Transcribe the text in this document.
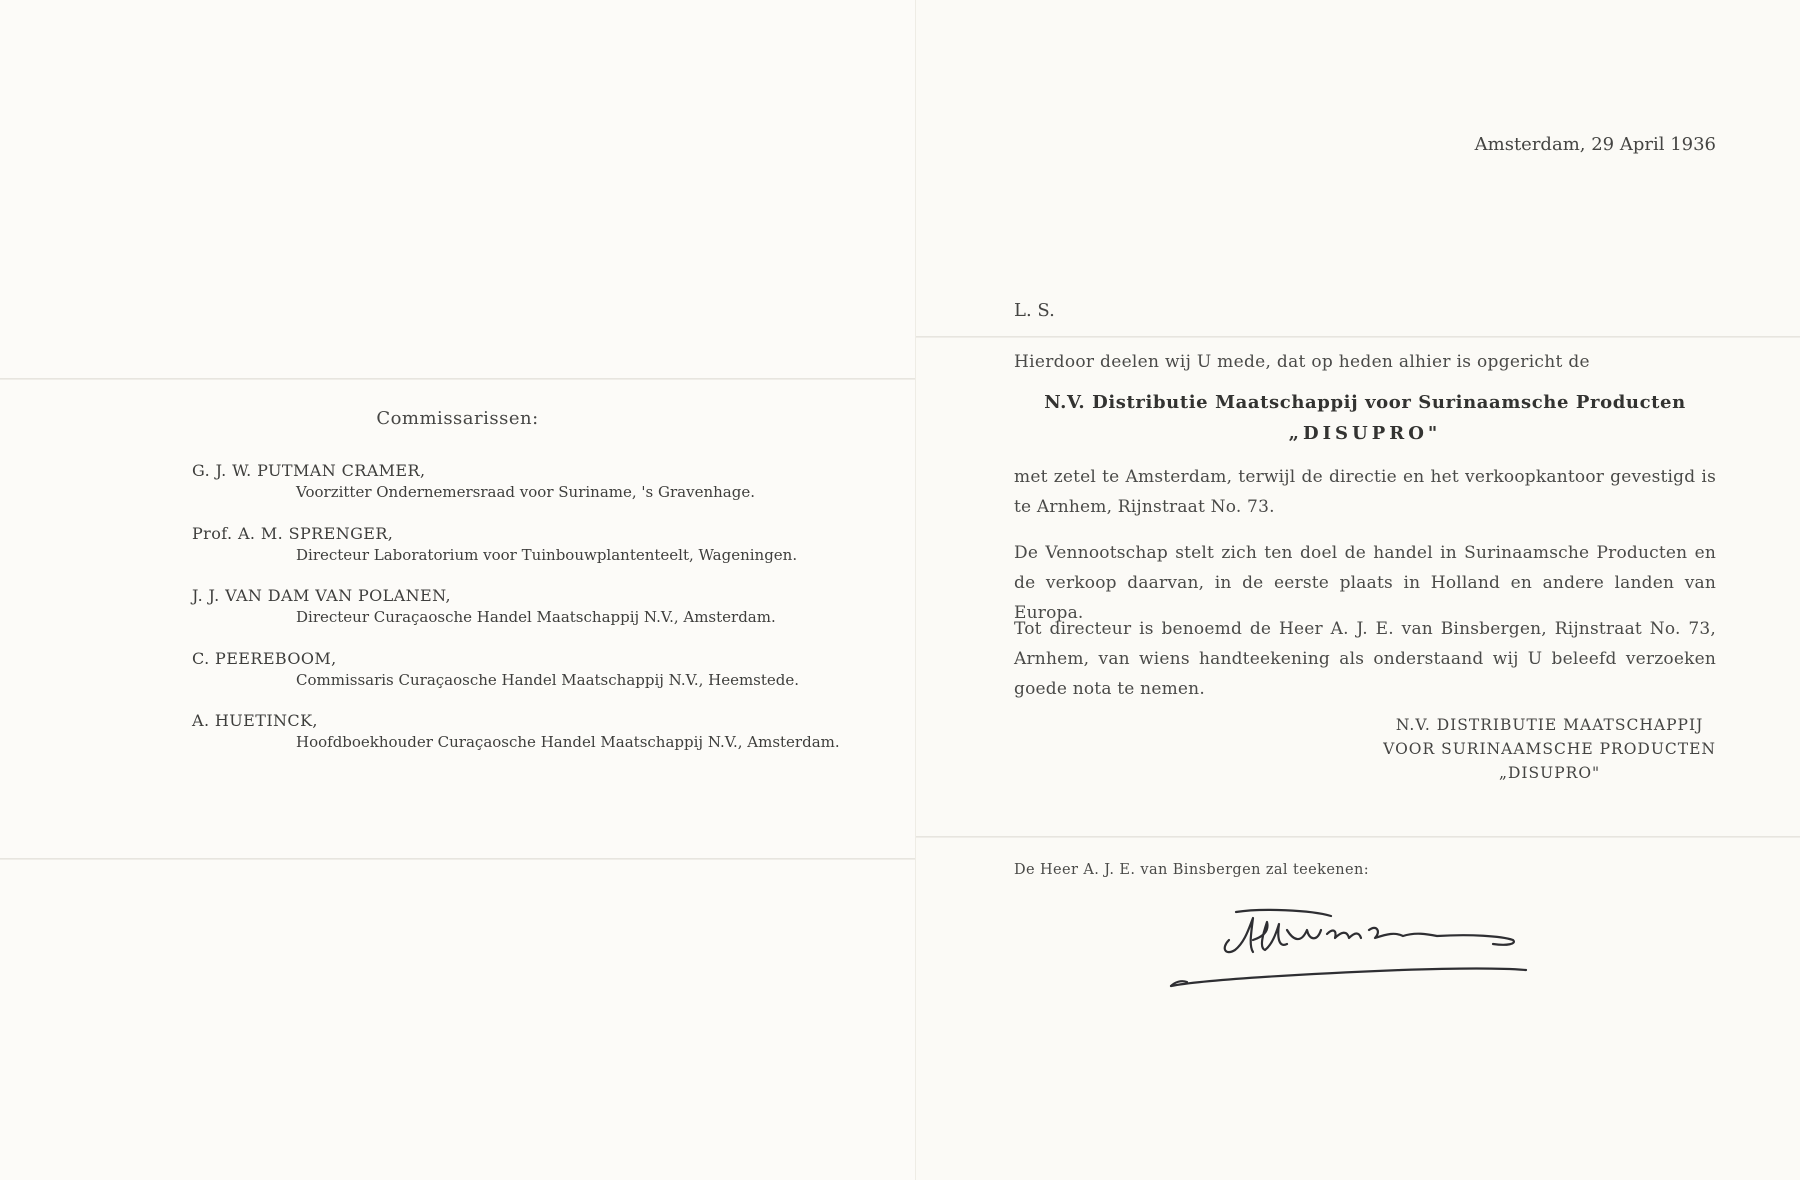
Commissarissen:
G. J. W. PUTMAN CRAMER,
Voorzitter Ondernemersraad voor Suriname, 's Gravenhage.
Prof. A. M. SPRENGER,
Directeur Laboratorium voor Tuinbouwplantenteelt, Wageningen.
J. J. VAN DAM VAN POLANEN,
Directeur Curaçaosche Handel Maatschappij N.V., Amsterdam.
C. PEEREBOOM,
Commissaris Curaçaosche Handel Maatschappij N.V., Heemstede.
A. HUETINCK,
Hoofdboekhouder Curaçaosche Handel Maatschappij N.V., Amsterdam.
Amsterdam, 29 April 1936
L. S.
Hierdoor deelen wij U mede, dat op heden alhier is opgericht de
N.V. Distributie Maatschappij voor Surinaamsche Producten
„DISUPRO"
met zetel te Amsterdam, terwijl de directie en het verkoopkantoor gevestigd is te Arnhem, Rijnstraat No. 73.
De Vennootschap stelt zich ten doel de handel in Surinaamsche Producten en de verkoop daarvan, in de eerste plaats in Holland en andere landen van Europa.
Tot directeur is benoemd de Heer A. J. E. van Binsbergen, Rijnstraat No. 73, Arnhem, van wiens handteekening als onderstaand wij U beleefd verzoeken goede nota te nemen.
N.V. DISTRIBUTIE MAATSCHAPPIJ
VOOR SURINAAMSCHE PRODUCTEN
„DISUPRO"
De Heer A. J. E. van Binsbergen zal teekenen:
